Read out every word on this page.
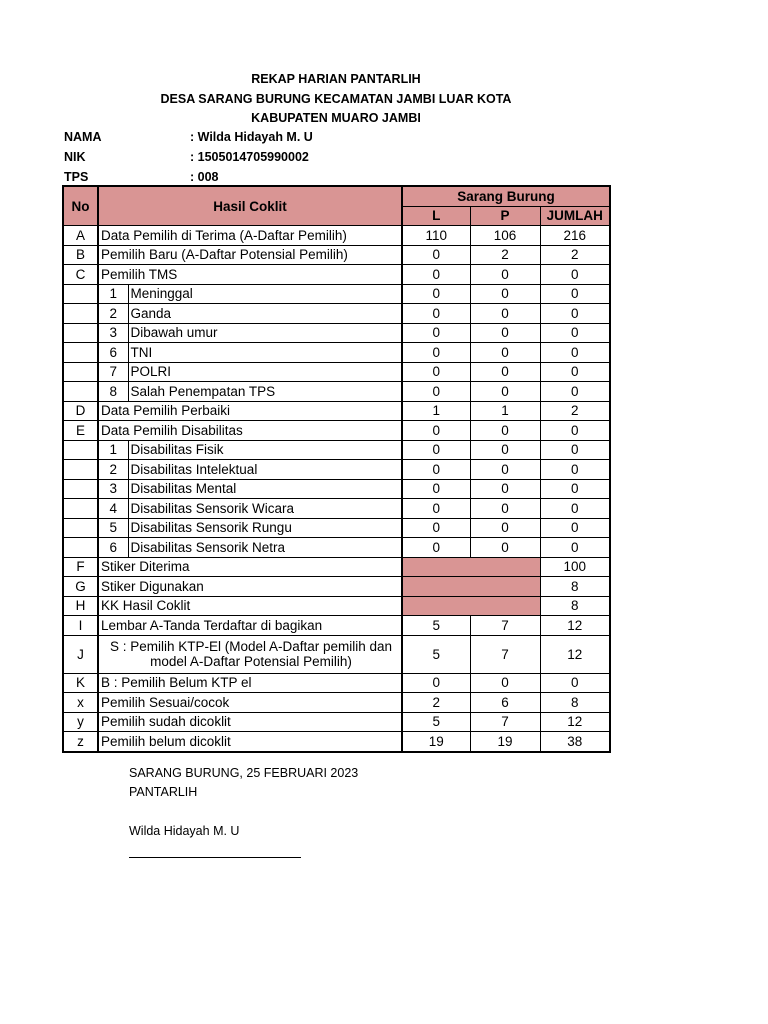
REKAP HARIAN PANTARLIH
DESA SARANG BURUNG KECAMATAN JAMBI LUAR KOTA
KABUPATEN MUARO JAMBI
NAMA	: Wilda Hidayah M. U
NIK	: 1505014705990002
TPS	: 008
No	Hasil Coklit		Sarang Burung		
			L	P	JUMLAH
A	Data Pemilih di Terima (A-Daftar Pemilih)		110	106	216
B	Pemilih Baru (A-Daftar Potensial Pemilih)		0	2	2
C	Pemilih TMS		0	0	0
	1	Meninggal	0	0	0
	2	Ganda	0	0	0
	3	Dibawah umur	0	0	0
	6	TNI	0	0	0
	7	POLRI	0	0	0
	8	Salah Penempatan TPS	0	0	0
D	Data Pemilih Perbaiki		1	1	2
E	Data Pemilih Disabilitas		0	0	0
	1	Disabilitas Fisik	0	0	0
	2	Disabilitas Intelektual	0	0	0
	3	Disabilitas Mental	0	0	0
	4	Disabilitas Sensorik Wicara	0	0	0
	5	Disabilitas Sensorik Rungu	0	0	0
	6	Disabilitas Sensorik Netra	0	0	0
F	Stiker Diterima				100
G	Stiker Digunakan				8
H	KK Hasil Coklit				8
I	Lembar A-Tanda Terdaftar di bagikan		5	7	12
J	S : Pemilih KTP-El (Model A-Daftar pemilih dan model A-Daftar Potensial Pemilih)		5	7	12
K	B : Pemilih Belum KTP el		0	0	0
x	Pemilih Sesuai/cocok		2	6	8
y	Pemilih sudah dicoklit		5	7	12
z	Pemilih belum dicoklit		19	19	38
SARANG BURUNG, 25 FEBRUARI 2023
PANTARLIH
Wilda Hidayah M. U
